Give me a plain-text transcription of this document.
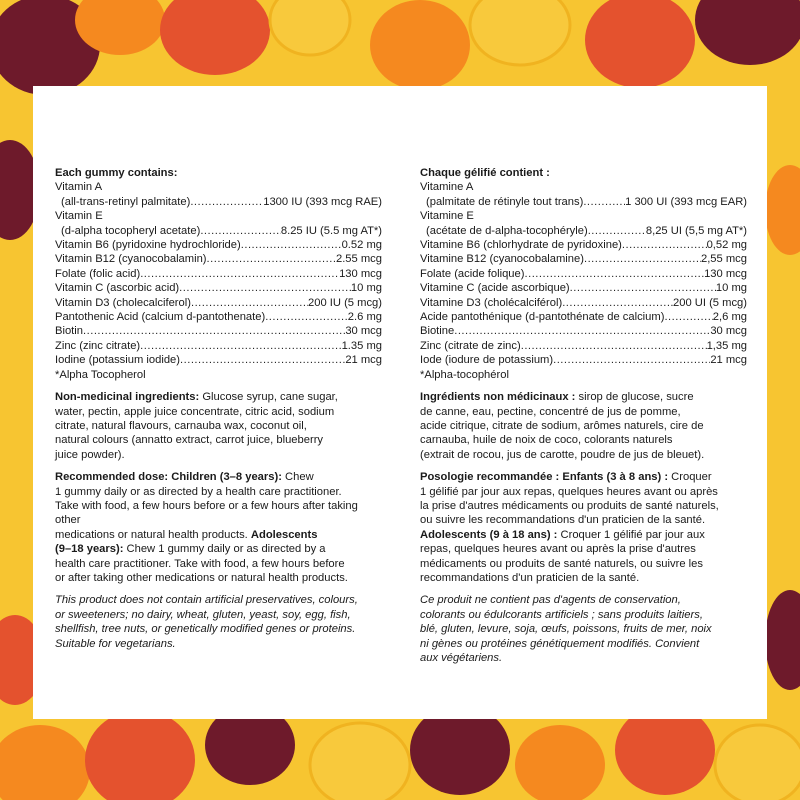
Each gummy contains:
Vitamin A
(all-trans-retinyl palmitate) .....	1300 IU (393 mcg RAE)
Vitamin E
(d-alpha tocopheryl acetate) .....	8.25 IU (5.5 mg AT*)
Vitamin B6 (pyridoxine hydrochloride) .....	0.52 mg
Vitamin B12 (cyanocobalamin) .....	2.55 mcg
Folate (folic acid) .....	130 mcg
Vitamin C (ascorbic acid) .....	10 mg
Vitamin D3 (cholecalciferol) .....	200 IU (5 mcg)
Pantothenic Acid (calcium d-pantothenate) .....	2.6 mg
Biotin .....	30 mcg
Zinc (zinc citrate) .....	1.35 mg
Iodine (potassium iodide) .....	21 mcg
*Alpha Tocopherol
Non-medicinal ingredients: Glucose syrup, cane sugar,
water, pectin, apple juice concentrate, citric acid, sodium
citrate, natural flavours, carnauba wax, coconut oil,
natural colours (annatto extract, carrot juice, blueberry
juice powder).
Recommended dose: Children (3–8 years): Chew
1 gummy daily or as directed by a health care practitioner.
Take with food, a few hours before or a few hours after taking other
medications or natural health products. Adolescents
(9–18 years): Chew 1 gummy daily or as directed by a
health care practitioner. Take with food, a few hours before
or after taking other medications or natural health products.
This product does not contain artificial preservatives, colours,
or sweeteners; no dairy, wheat, gluten, yeast, soy, egg, fish,
shellfish, tree nuts, or genetically modified genes or proteins.
Suitable for vegetarians.
Chaque gélifié contient :
Vitamine A
(palmitate de rétinyle tout trans) .....	1 300 UI (393 mcg EAR)
Vitamine E
(acétate de d-alpha-tocophéryle) .....	8,25 UI (5,5 mg AT*)
Vitamine B6 (chlorhydrate de pyridoxine) .....	0,52 mg
Vitamine B12 (cyanocobalamine) .....	2,55 mcg
Folate (acide folique) .....	130 mcg
Vitamine C (acide ascorbique) .....	10 mg
Vitamine D3 (cholécalciférol) .....	200 UI (5 mcg)
Acide pantothénique (d-pantothénate de calcium) .....	2,6 mg
Biotine .....	30 mcg
Zinc (citrate de zinc) .....	1,35 mg
Iode (iodure de potassium) .....	21 mcg
*Alpha-tocophérol
Ingrédients non médicinaux : sirop de glucose, sucre
de canne, eau, pectine, concentré de jus de pomme,
acide citrique, citrate de sodium, arômes naturels, cire de
carnauba, huile de noix de coco, colorants naturels
(extrait de rocou, jus de carotte, poudre de jus de bleuet).
Posologie recommandée : Enfants (3 à 8 ans) : Croquer
1 gélifié par jour aux repas, quelques heures avant ou après
la prise d'autres médicaments ou produits de santé naturels,
ou suivre les recommandations d'un praticien de la santé.
Adolescents (9 à 18 ans) : Croquer 1 gélifié par jour aux
repas, quelques heures avant ou après la prise d'autres
médicaments ou produits de santé naturels, ou suivre les
recommandations d'un praticien de la santé.
Ce produit ne contient pas d'agents de conservation,
colorants ou édulcorants artificiels ; sans produits laitiers,
blé, gluten, levure, soja, œufs, poissons, fruits de mer, noix
ni gènes ou protéines génétiquement modifiés. Convient
aux végétariens.
